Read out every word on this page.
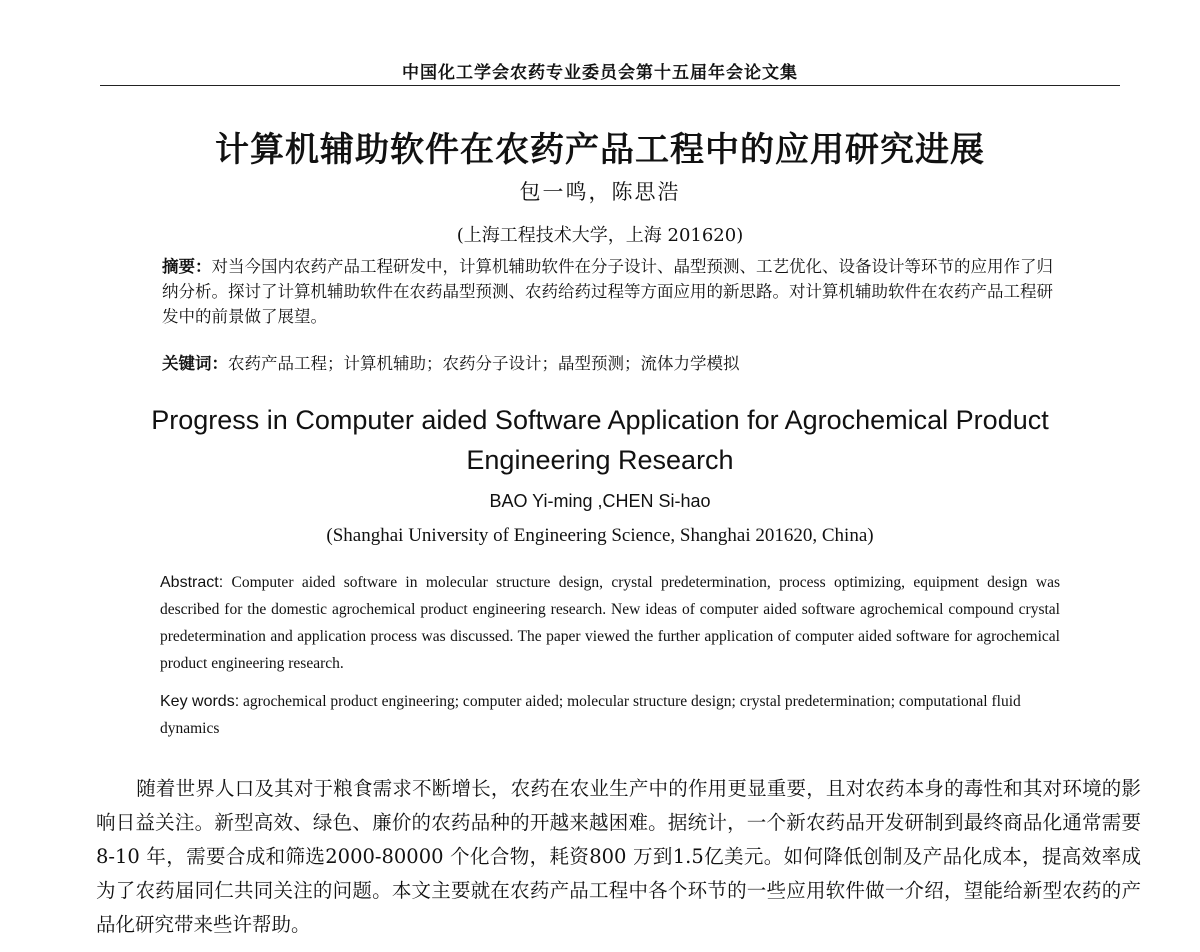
中国化工学会农药专业委员会第十五届年会论文集
计算机辅助软件在农药产品工程中的应用研究进展
包一鸣，陈思浩
(上海工程技术大学，上海 201620)
摘要：对当今国内农药产品工程研发中，计算机辅助软件在分子设计、晶型预测、工艺优化、设备设计等环节的应用作了归纳分析。探讨了计算机辅助软件在农药晶型预测、农药给药过程等方面应用的新思路。对计算机辅助软件在农药产品工程研发中的前景做了展望。
关键词：农药产品工程；计算机辅助；农药分子设计；晶型预测；流体力学模拟
Progress in Computer aided Software Application for Agrochemical Product Engineering Research
BAO Yi-ming ,CHEN Si-hao
(Shanghai University of Engineering Science, Shanghai 201620, China)
Abstract: Computer aided software in molecular structure design, crystal predetermination, process optimizing, equipment design was described for the domestic agrochemical product engineering research. New ideas of computer aided software agrochemical compound crystal predetermination and application process was discussed. The paper viewed the further application of computer aided software for agrochemical product engineering research.
Key words: agrochemical product engineering; computer aided; molecular structure design; crystal predetermination; computational fluid dynamics

随着世界人口及其对于粮食需求不断增长，农药在农业生产中的作用更显重要，且对农药本身的毒性和其对环境的影响日益关注。新型高效、绿色、廉价的农药品种的开越来越困难。据统计，一个新农药品开发研制到最终商品化通常需要8-10 年，需要合成和筛选2000-80000 个化合物，耗资800 万到1.5亿美元。如何降低创制及产品化成本，提高效率成为了农药届同仁共同关注的问题。本文主要就在农药产品工程中各个环节的一些应用软件做一介绍，望能给新型农药的产品化研究带来些许帮助。
